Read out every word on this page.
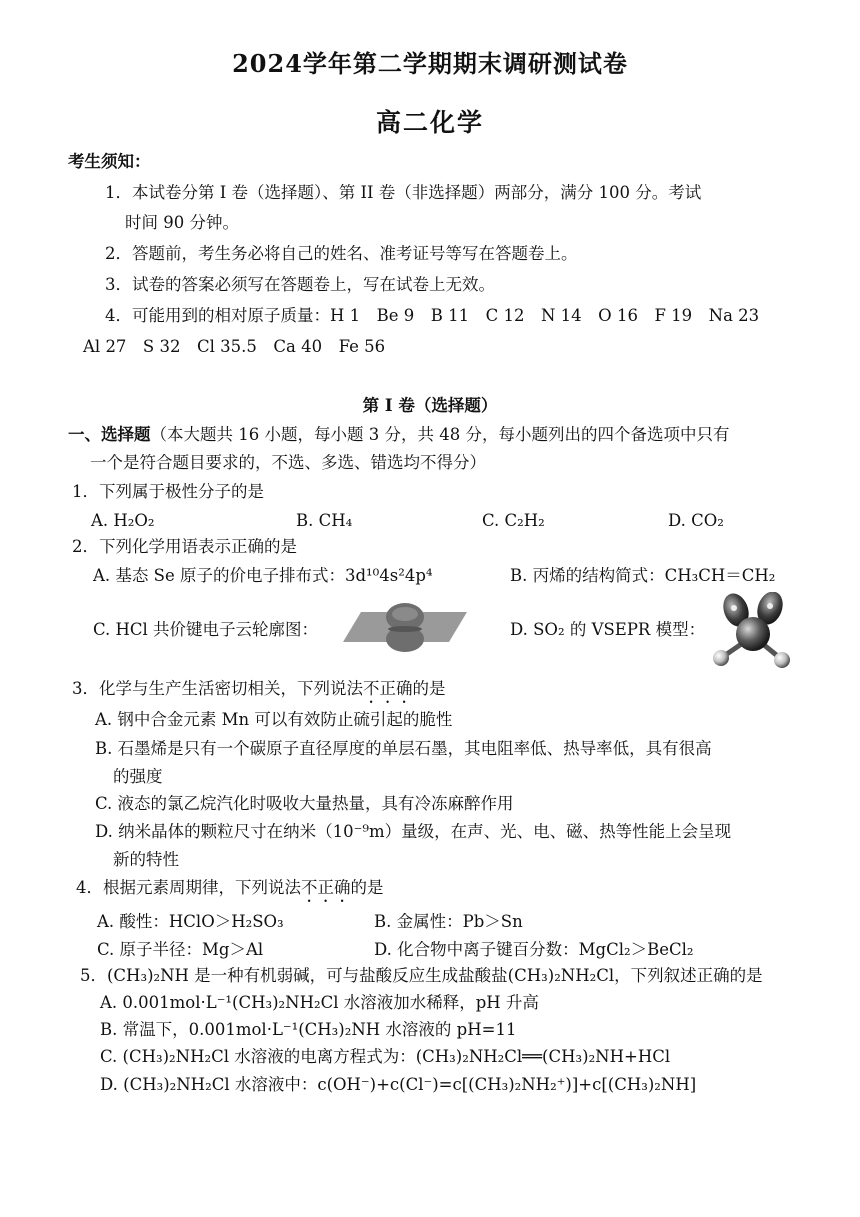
2024学年第二学期期末调研测试卷
高二化学
考生须知：
1．本试卷分第 I 卷（选择题）、第 II 卷（非选择题）两部分，满分 100 分。考试
时间 90 分钟。
2．答题前，考生务必将自己的姓名、准考证号等写在答题卷上。
3．试卷的答案必须写在答题卷上，写在试卷上无效。
4．可能用到的相对原子质量：H 1　Be 9　B 11　C 12　N 14　O 16　F 19　Na 23
Al 27　S 32　Cl 35.5　Ca 40　Fe 56
第 I 卷（选择题）
一、选择题（本大题共 16 小题，每小题 3 分，共 48 分，每小题列出的四个备选项中只有
一个是符合题目要求的，不选、多选、错选均不得分）
1．下列属于极性分子的是
A. H₂O₂	B. CH₄	C. C₂H₂	D. CO₂
2．下列化学用语表示正确的是
A. 基态 Se 原子的价电子排布式：3d¹⁰4s²4p⁴	B. 丙烯的结构简式：CH₃CH＝CH₂
C. HCl 共价键电子云轮廓图：	D. SO₂ 的 VSEPR 模型：
3．化学与生产生活密切相关，下列说法不正确的是
A. 钢中合金元素 Mn 可以有效防止硫引起的脆性
B. 石墨烯是只有一个碳原子直径厚度的单层石墨，其电阻率低、热导率低，具有很高
的强度
C. 液态的氯乙烷汽化时吸收大量热量，具有冷冻麻醉作用
D. 纳米晶体的颗粒尺寸在纳米（10⁻⁹m）量级，在声、光、电、磁、热等性能上会呈现
新的特性
4．根据元素周期律，下列说法不正确的是
A. 酸性：HClO＞H₂SO₃	B. 金属性：Pb＞Sn
C. 原子半径：Mg＞Al	D. 化合物中离子键百分数：MgCl₂＞BeCl₂
5．(CH₃)₂NH 是一种有机弱碱，可与盐酸反应生成盐酸盐(CH₃)₂NH₂Cl，下列叙述正确的是
A. 0.001mol·L⁻¹(CH₃)₂NH₂Cl 水溶液加水稀释，pH 升高
B. 常温下，0.001mol·L⁻¹(CH₃)₂NH 水溶液的 pH=11
C. (CH₃)₂NH₂Cl 水溶液的电离方程式为：(CH₃)₂NH₂Cl══(CH₃)₂NH+HCl
D. (CH₃)₂NH₂Cl 水溶液中：c(OH⁻)+c(Cl⁻)=c[(CH₃)₂NH₂⁺)]+c[(CH₃)₂NH]
